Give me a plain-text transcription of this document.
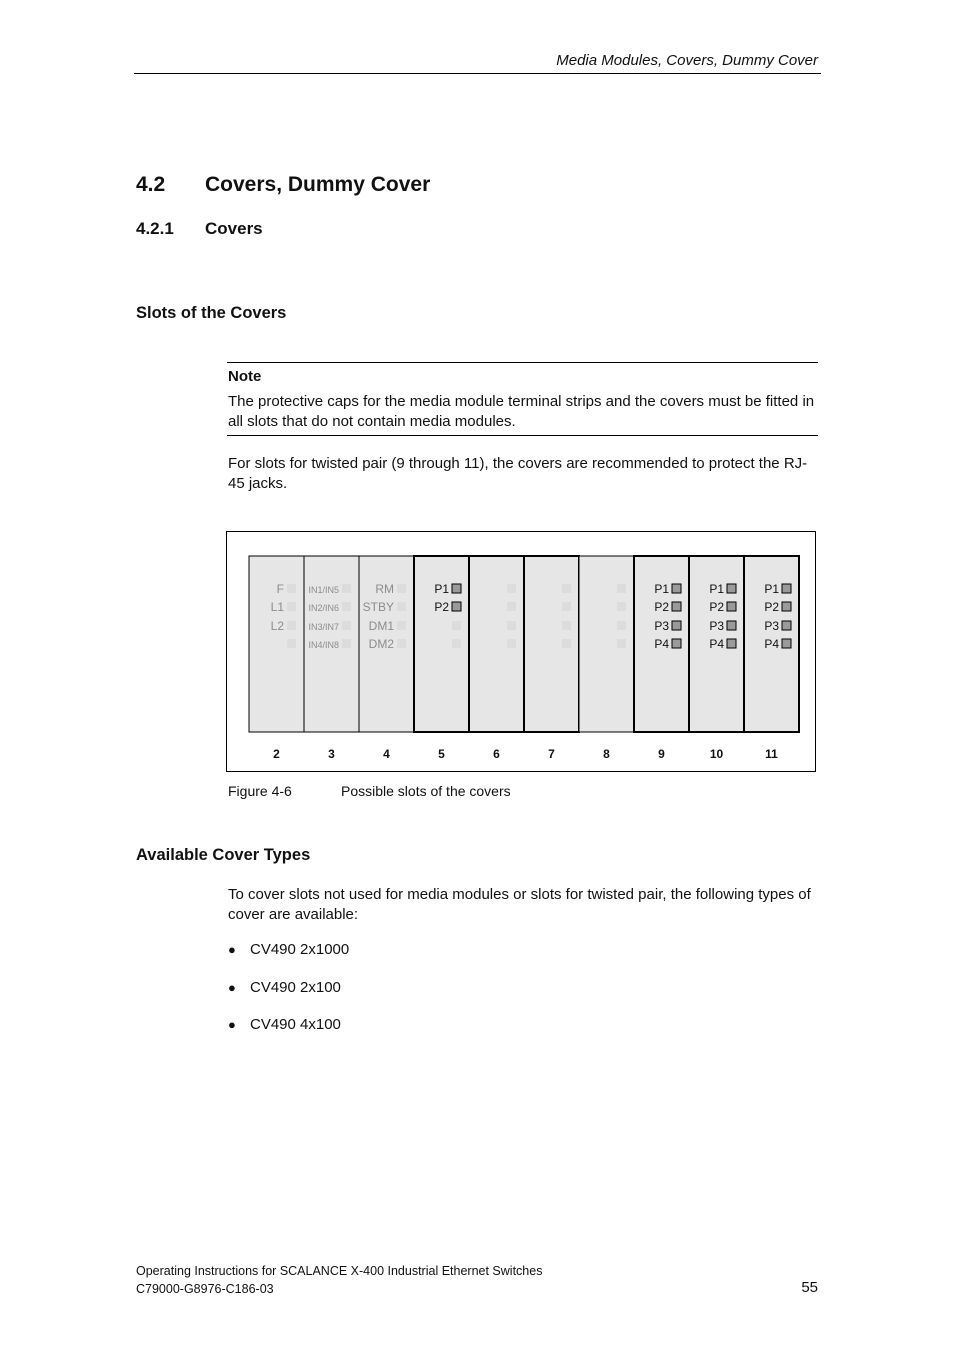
Media Modules, Covers, Dummy Cover
4.2 Covers, Dummy Cover
4.2.1 Covers
Slots of the Covers
Note
The protective caps for the media module terminal strips and the covers must be fitted in all slots that do not contain media modules.
For slots for twisted pair (9 through 11), the covers are recommended to protect the RJ-45 jacks.
F
L1
L2
2
IN1/IN5
IN2/IN6
IN3/IN7
IN4/IN8
3
RM
STBY
DM1
DM2
4
P1
P2
5	6	7	8
P1
P2
P3
P4
9
P1
P2
P3
P4
10
P1
P2
P3
P4
11
Figure 4-6	Possible slots of the covers
Available Cover Types
To cover slots not used for media modules or slots for twisted pair, the following types of cover are available:
● CV490 2x1000
● CV490 2x100
● CV490 4x100
Operating Instructions for SCALANCE X-400 Industrial Ethernet Switches
C79000-G8976-C186-03	55
